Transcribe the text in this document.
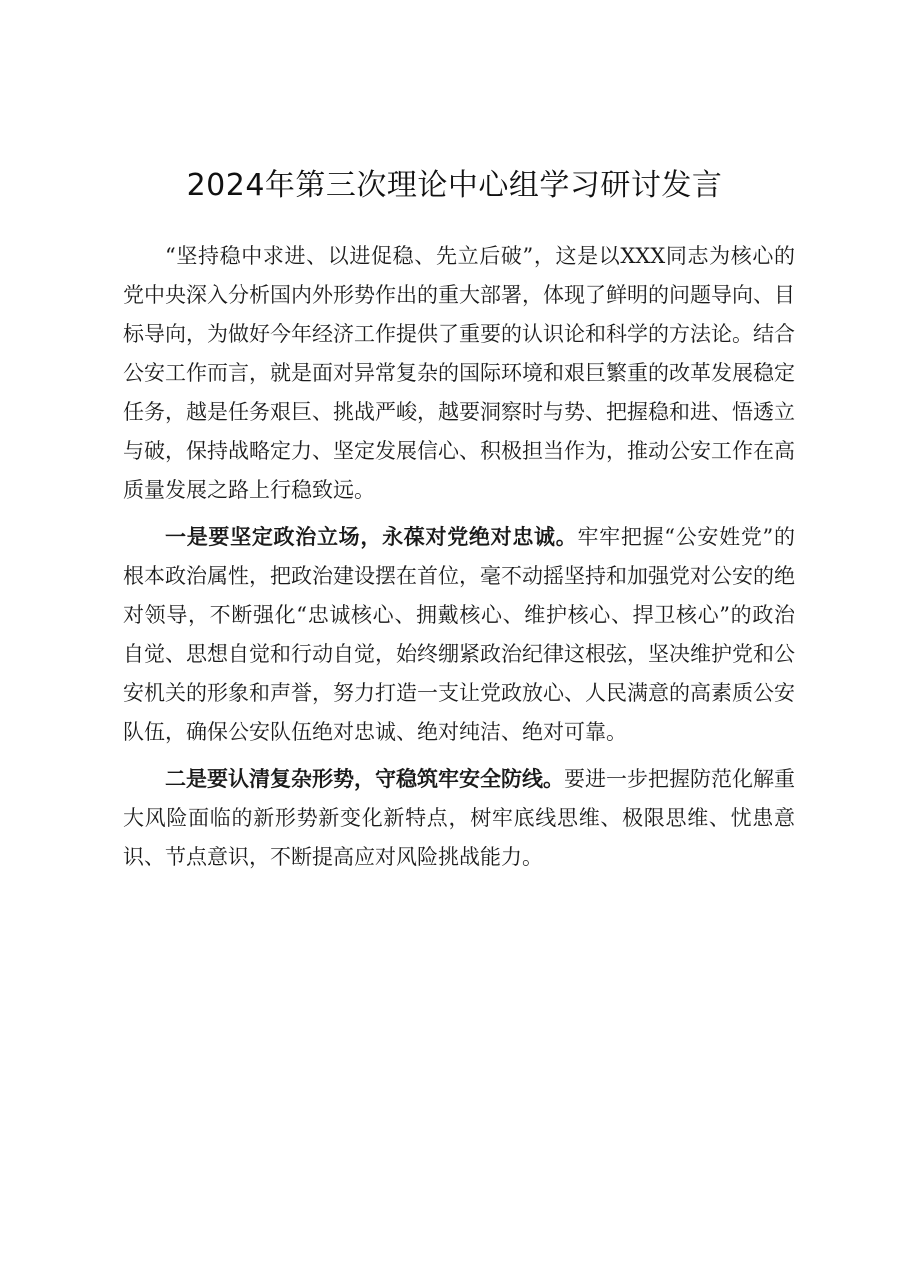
2024年第三次理论中心组学习研讨发言

“坚持稳中求进、以进促稳、先立后破”，这是以XXX同志为核心的党中央深入分析国内外形势作出的重大部署，体现了鲜明的问题导向、目标导向，为做好今年经济工作提供了重要的认识论和科学的方法论。结合公安工作而言，就是面对异常复杂的国际环境和艰巨繁重的改革发展稳定任务，越是任务艰巨、挑战严峻，越要洞察时与势、把握稳和进、悟透立与破，保持战略定力、坚定发展信心、积极担当作为，推动公安工作在高质量发展之路上行稳致远。

一是要坚定政治立场，永葆对党绝对忠诚。牢牢把握“公安姓党”的根本政治属性，把政治建设摆在首位，毫不动摇坚持和加强党对公安的绝对领导，不断强化“忠诚核心、拥戴核心、维护核心、捍卫核心”的政治自觉、思想自觉和行动自觉，始终绷紧政治纪律这根弦，坚决维护党和公安机关的形象和声誉，努力打造一支让党政放心、人民满意的高素质公安队伍，确保公安队伍绝对忠诚、绝对纯洁、绝对可靠。

二是要认清复杂形势，守稳筑牢安全防线。要进一步把握防范化解重大风险面临的新形势新变化新特点，树牢底线思维、极限思维、忧患意识、节点意识，不断提高应对风险挑战能力。
